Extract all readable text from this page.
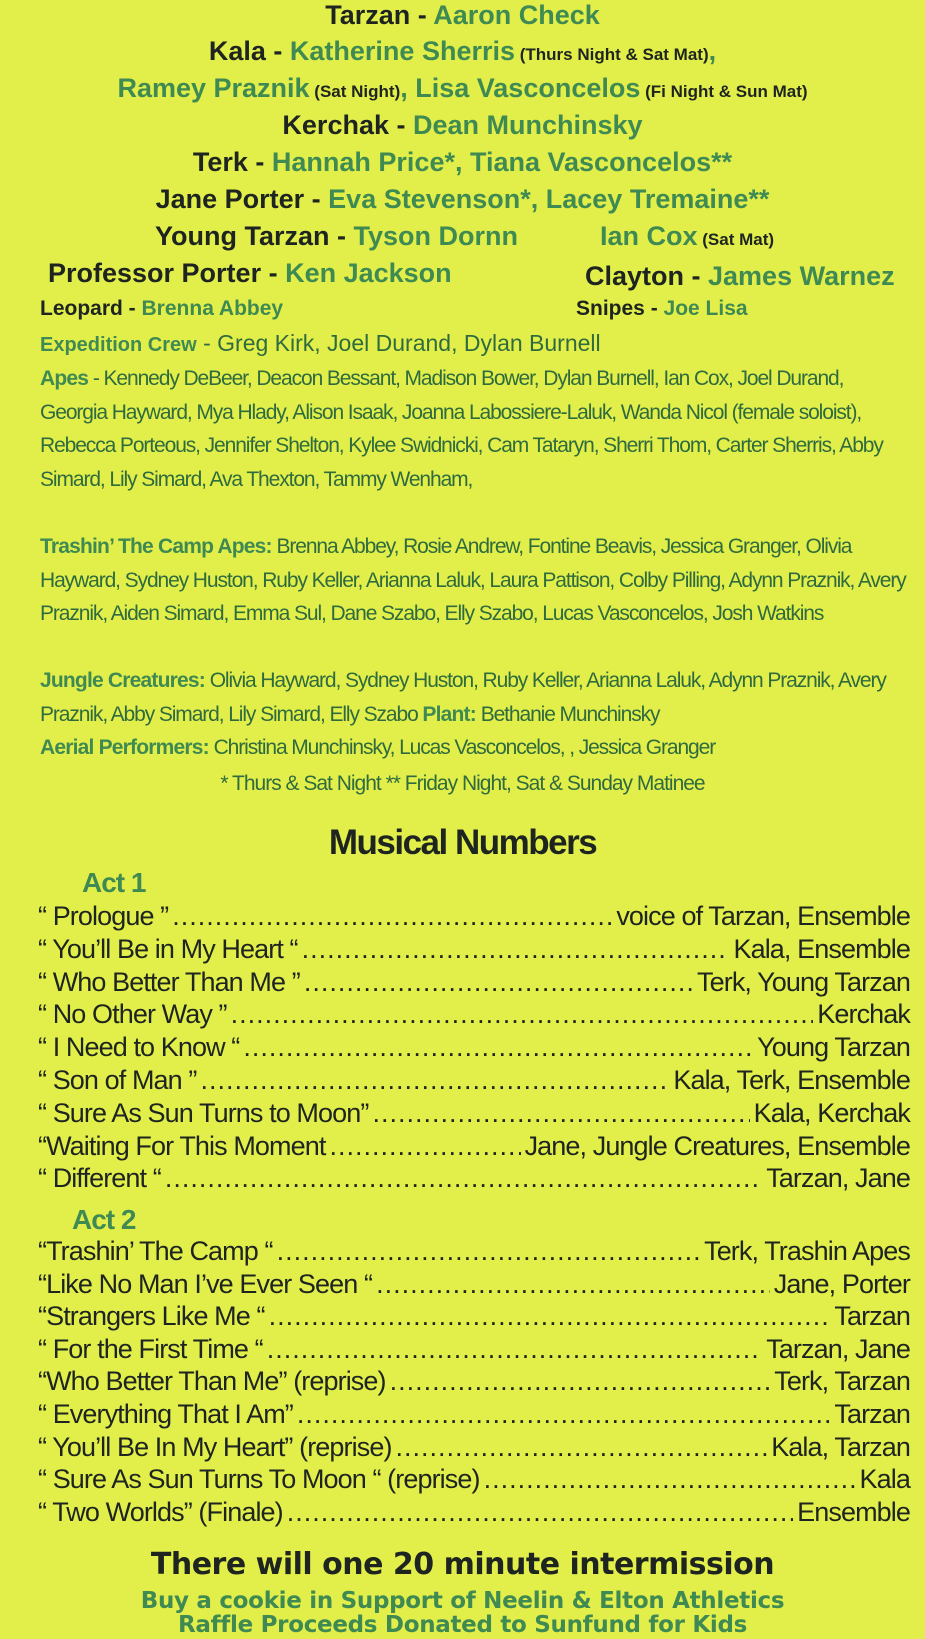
Tarzan - Aaron Check
Kala - Katherine Sherris (Thurs Night & Sat Mat),
Ramey Praznik (Sat Night), Lisa Vasconcelos (Fi Night & Sun Mat)
Kerchak - Dean Munchinsky
Terk - Hannah Price*, Tiana Vasconcelos**
Jane Porter - Eva Stevenson*, Lacey Tremaine**
Young Tarzan - Tyson Dornn	Ian Cox (Sat Mat)
Professor Porter - Ken Jackson	Clayton - James Warnez
Leopard - Brenna Abbey	Snipes - Joe Lisa
Expedition Crew - Greg Kirk, Joel Durand, Dylan Burnell

Apes - Kennedy DeBeer, Deacon Bessant, Madison Bower, Dylan Burnell, Ian Cox, Joel Durand, Georgia Hayward, Mya Hlady, Alison Isaak, Joanna Labossiere-Laluk, Wanda Nicol (female soloist), Rebecca Porteous, Jennifer Shelton, Kylee Swidnicki, Cam Tataryn, Sherri Thom, Carter Sherris, Abby Simard, Lily Simard, Ava Thexton, Tammy Wenham,

Trashin’ The Camp Apes: Brenna Abbey, Rosie Andrew, Fontine Beavis, Jessica Granger, Olivia Hayward, Sydney Huston, Ruby Keller, Arianna Laluk, Laura Pattison, Colby Pilling, Adynn Praznik, Avery Praznik, Aiden Simard, Emma Sul, Dane Szabo, Elly Szabo, Lucas Vasconcelos, Josh Watkins

Jungle Creatures: Olivia Hayward, Sydney Huston, Ruby Keller, Arianna Laluk, Adynn Praznik, Avery Praznik, Abby Simard, Lily Simard, Elly Szabo Plant: Bethanie Munchinsky

Aerial Performers: Christina Munchinsky, Lucas Vasconcelos, , Jessica Granger

* Thurs & Sat Night ** Friday Night, Sat & Sunday Matinee
Musical Numbers
Act 1
“ Prologue ” .....	voice of Tarzan, Ensemble
“ You’ll Be in My Heart “ .....	Kala, Ensemble
“ Who Better Than Me ” .....	Terk, Young Tarzan
“ No Other Way ” .....	Kerchak
“ I Need to Know “ .....	Young Tarzan
“ Son of Man ” .....	Kala, Terk, Ensemble
“ Sure As Sun Turns to Moon” .....	Kala, Kerchak
“Waiting For This Moment .....	Jane, Jungle Creatures, Ensemble
“ Different “ .....	Tarzan, Jane
Act 2
“Trashin’ The Camp “ .....	Terk, Trashin Apes
“Like No Man I’ve Ever Seen “ .....	Jane, Porter
“Strangers Like Me “ .....	Tarzan
“ For the First Time “ .....	Tarzan, Jane
“Who Better Than Me” (reprise) .....	Terk, Tarzan
“ Everything That I Am” .....	Tarzan
“ You’ll Be In My Heart” (reprise) .....	Kala, Tarzan
“ Sure As Sun Turns To Moon “ (reprise) .....	Kala
“ Two Worlds” (Finale) .....	Ensemble
There will one 20 minute intermission
Buy a cookie in Support of Neelin & Elton Athletics
Raffle Proceeds Donated to Sunfund for Kids
